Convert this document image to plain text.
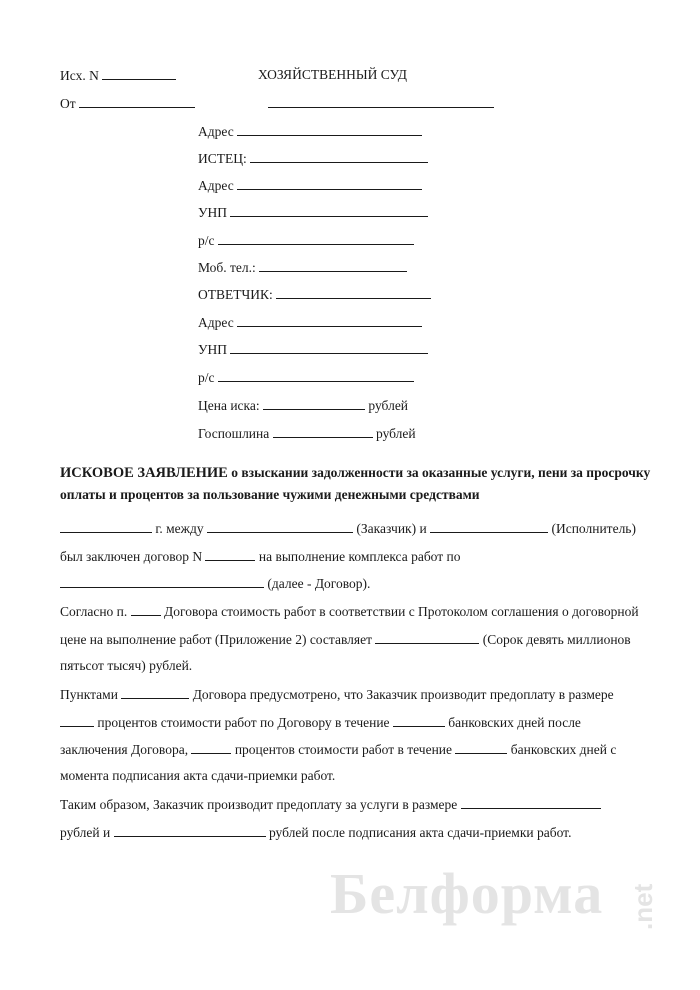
Исх. N	ХОЗЯЙСТВЕННЫЙ СУД
От
Адрес
ИСТЕЦ:
Адрес
УНП
р/с
Моб. тел.:
ОТВЕТЧИК:
Адрес
УНП
р/с
Цена иска:	рублей
Госпошлина	рублей
ИСКОВОЕ ЗАЯВЛЕНИЕ о взыскании задолженности за оказанные услуги, пени за просрочку
оплаты и процентов за пользование чужими денежными средствами
г. между	(Заказчик) и	(Исполнитель)
был заключен договор N	на выполнение комплекса работ по
(далее - Договор).
Согласно п.  Договора стоимость работ в соответствии с Протоколом соглашения о договорной
цене на выполнение работ (Приложение 2) составляет	(Сорок девять миллионов
пятьсот тысяч) рублей.
Пунктами	Договора предусмотрено, что Заказчик производит предоплату в размере
процентов стоимости работ по Договору в течение	банковских дней после
заключения Договора,	процентов стоимости работ в течение	банковских дней с
момента подписания акта сдачи-приемки работ.
Таким образом, Заказчик производит предоплату за услуги в размере
рублей и	рублей после подписания акта сдачи-приемки работ.
Белформа .net
